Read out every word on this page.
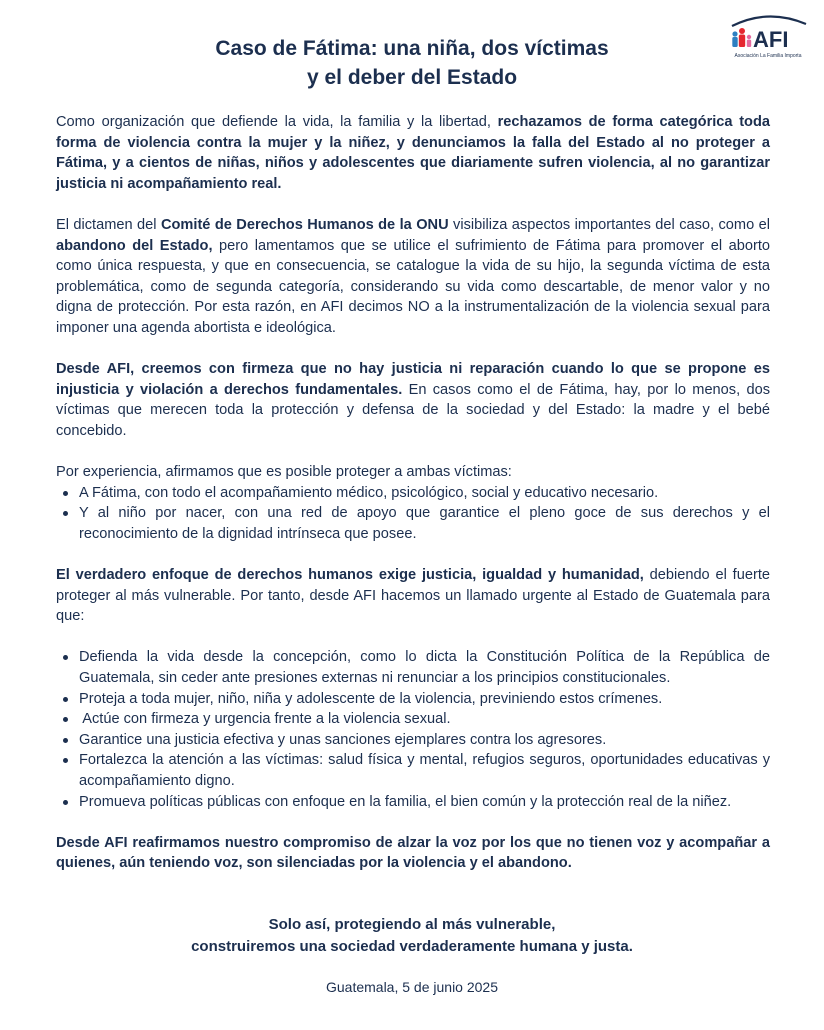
AFI
Asociación La Familia Importa
Caso de Fátima: una niña, dos víctimas
y el deber del Estado

Como organización que defiende la vida, la familia y la libertad, rechazamos de forma categórica toda forma de violencia contra la mujer y la niñez, y denunciamos la falla del Estado al no proteger a Fátima, y a cientos de niñas, niños y adolescentes que diariamente sufren violencia, al no garantizar justicia ni acompañamiento real.

El dictamen del Comité de Derechos Humanos de la ONU visibiliza aspectos importantes del caso, como el abandono del Estado, pero lamentamos que se utilice el sufrimiento de Fátima para promover el aborto como única respuesta, y que en consecuencia, se catalogue la vida de su hijo, la segunda víctima de esta problemática, como de segunda categoría, considerando su vida como descartable, de menor valor y no digna de protección. Por esta razón, en AFI decimos NO a la instrumentalización de la violencia sexual para imponer una agenda abortista e ideológica.

Desde AFI, creemos con firmeza que no hay justicia ni reparación cuando lo que se propone es injusticia y violación a derechos fundamentales. En casos como el de Fátima, hay, por lo menos, dos víctimas que merecen toda la protección y defensa de la sociedad y del Estado: la madre y el bebé concebido.

Por experiencia, afirmamos que es posible proteger a ambas víctimas:

A Fátima, con todo el acompañamiento médico, psicológico, social y educativo necesario.
Y al niño por nacer, con una red de apoyo que garantice el pleno goce de sus derechos y el reconocimiento de la dignidad intrínseca que posee.

El verdadero enfoque de derechos humanos exige justicia, igualdad y humanidad, debiendo el fuerte proteger al más vulnerable. Por tanto, desde AFI hacemos un llamado urgente al Estado de Guatemala para que:

Defienda la vida desde la concepción, como lo dicta la Constitución Política de la República de Guatemala, sin ceder ante presiones externas ni renunciar a los principios constitucionales.
Proteja a toda mujer, niño, niña y adolescente de la violencia, previniendo estos crímenes.
Actúe con firmeza y urgencia frente a la violencia sexual.
Garantice una justicia efectiva y unas sanciones ejemplares contra los agresores.
Fortalezca la atención a las víctimas: salud física y mental, refugios seguros, oportunidades educativas y acompañamiento digno.
Promueva políticas públicas con enfoque en la familia, el bien común y la protección real de la niñez.

Desde AFI reafirmamos nuestro compromiso de alzar la voz por los que no tienen voz y acompañar a quienes, aún teniendo voz, son silenciadas por la violencia y el abandono.

Solo así, protegiendo al más vulnerable,
construiremos una sociedad verdaderamente humana y justa.

Guatemala, 5 de junio 2025
